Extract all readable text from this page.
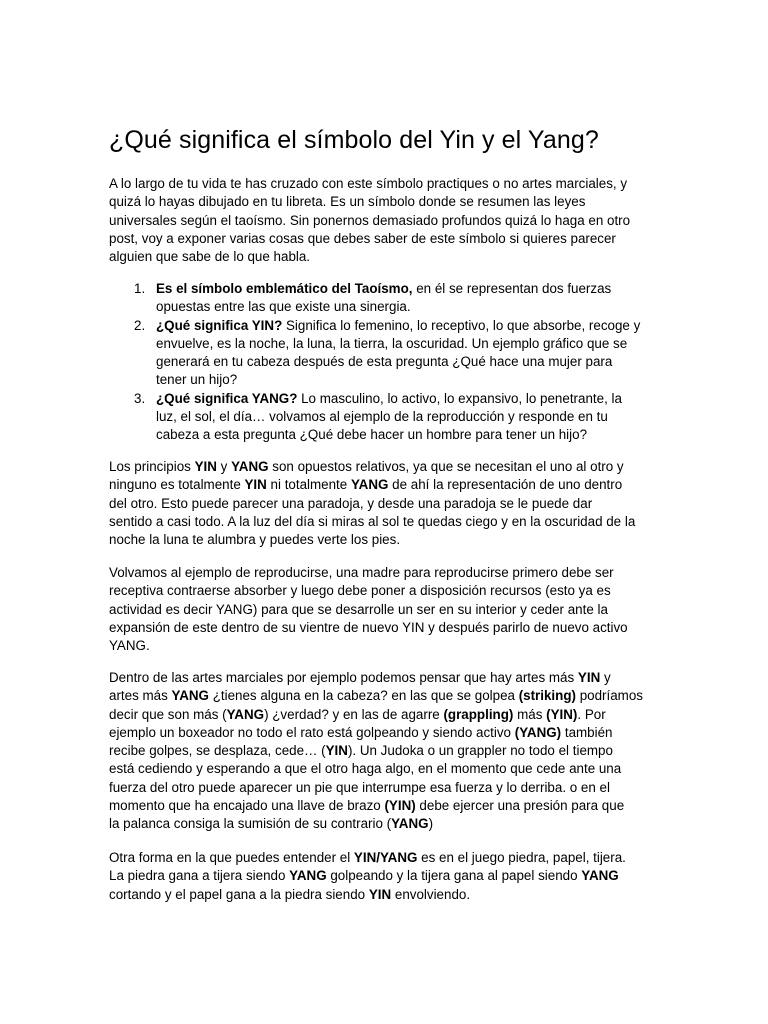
¿Qué significa el símbolo del Yin y el Yang?
A lo largo de tu vida te has cruzado con este símbolo practiques o no artes marciales, y
quizá lo hayas dibujado en tu libreta. Es un símbolo donde se resumen las leyes
universales según el taoísmo. Sin ponernos demasiado profundos quizá lo haga en otro
post, voy a exponer varias cosas que debes saber de este símbolo si quieres parecer
alguien que sabe de lo que habla.
1. Es el símbolo emblemático del Taoísmo, en él se representan dos fuerzas
opuestas entre las que existe una sinergia.
2. ¿Qué significa YIN? Significa lo femenino, lo receptivo, lo que absorbe, recoge y
envuelve, es la noche, la luna, la tierra, la oscuridad. Un ejemplo gráfico que se
generará en tu cabeza después de esta pregunta ¿Qué hace una mujer para
tener un hijo?
3. ¿Qué significa YANG? Lo masculino, lo activo, lo expansivo, lo penetrante, la
luz, el sol, el día… volvamos al ejemplo de la reproducción y responde en tu
cabeza a esta pregunta ¿Qué debe hacer un hombre para tener un hijo?
Los principios YIN y YANG son opuestos relativos, ya que se necesitan el uno al otro y
ninguno es totalmente YIN ni totalmente YANG de ahí la representación de uno dentro
del otro. Esto puede parecer una paradoja, y desde una paradoja se le puede dar
sentido a casi todo. A la luz del día si miras al sol te quedas ciego y en la oscuridad de la
noche la luna te alumbra y puedes verte los pies.
Volvamos al ejemplo de reproducirse, una madre para reproducirse primero debe ser
receptiva contraerse absorber y luego debe poner a disposición recursos (esto ya es
actividad es decir YANG) para que se desarrolle un ser en su interior y ceder ante la
expansión de este dentro de su vientre de nuevo YIN y después parirlo de nuevo activo
YANG.
Dentro de las artes marciales por ejemplo podemos pensar que hay artes más YIN y
artes más YANG ¿tienes alguna en la cabeza? en las que se golpea (striking) podríamos
decir que son más (YANG) ¿verdad? y en las de agarre (grappling) más (YIN). Por
ejemplo un boxeador no todo el rato está golpeando y siendo activo (YANG) también
recibe golpes, se desplaza, cede… (YIN). Un Judoka o un grappler no todo el tiempo
está cediendo y esperando a que el otro haga algo, en el momento que cede ante una
fuerza del otro puede aparecer un pie que interrumpe esa fuerza y lo derriba. o en el
momento que ha encajado una llave de brazo (YIN) debe ejercer una presión para que
la palanca consiga la sumisión de su contrario (YANG)
Otra forma en la que puedes entender el YIN/YANG es en el juego piedra, papel, tijera.
La piedra gana a tijera siendo YANG golpeando y la tijera gana al papel siendo YANG
cortando y el papel gana a la piedra siendo YIN envolviendo.
